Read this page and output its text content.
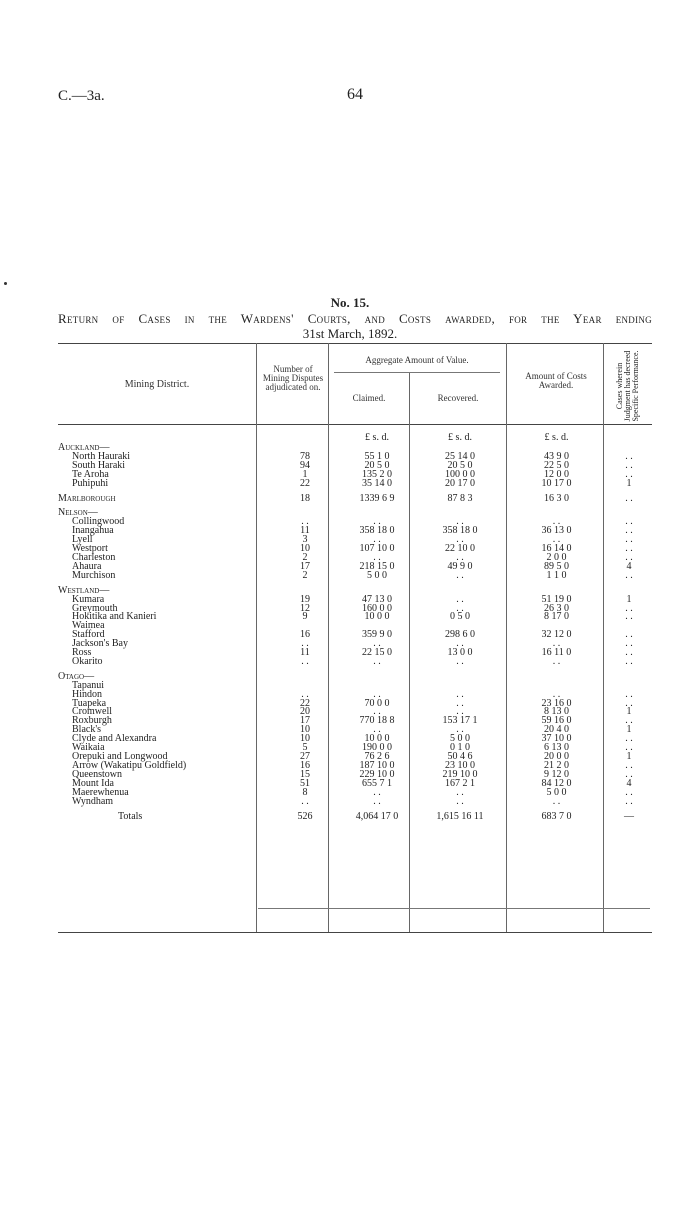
C.—3a.	64
No. 15.
Return of Cases in the Wardens' Courts, and Costs awarded, for the Year ending
31st March, 1892.
Mining District.
Number of Mining Disputes adjudicated on.
Aggregate Amount of Value.
Claimed.	Recovered.
Amount of Costs Awarded.	Cases wherein Judgment has decreed Specific Performance.
		£ s. d.	£ s. d.	£ s. d.	
Auckland—					
North Hauraki	78	55 1 0	25 14 0	43 9 0	. .
South Haraki	94	20 5 0	20 5 0	22 5 0	. .
Te Aroha	1	135 2 0	100 0 0	12 0 0	. .
Puhipuhi	22	35 14 0	20 17 0	10 17 0	1

Marlborough	18	1339 6 9	87 8 3	16 3 0	. .

Nelson—					
Collingwood	. .	. .	. .	. .	. .
Inangahua	11	358 18 0	358 18 0	36 13 0	. .
Lyell	3	. .	. .	. .	. .
Westport	10	107 10 0	22 10 0	16 14 0	. .
Charleston	2	. .	. .	2 0 0	. .
Ahaura	17	218 15 0	49 9 0	89 5 0	4
Murchison	2	5 0 0	. .	1 1 0	. .

Westland—					
Kumara	19	47 13 0	. .	51 19 0	1
Greymouth	12	160 0 0	. .	26 3 0	. .
Hokitika and Kanieri	9	10 0 0	0 5 0	8 17 0	. .
Waimea					
Stafford	16	359 9 0	298 6 0	32 12 0	. .
Jackson's Bay	. .	. .	. .	. .	. .
Ross	11	22 15 0	13 0 0	16 11 0	. .
Okarito	. .	. .	. .	. .	. .

Otago—					
Tapanui					
Hindon	. .	. .	. .	. .	. .
Tuapeka	22	70 0 0	. .	23 16 0	. .
Cromwell	20	. .	. .	8 13 0	1
Roxburgh	17	770 18 8	153 17 1	59 16 0	. .
Black's	10	. .	. .	20 4 0	1
Clyde and Alexandra	10	10 0 0	5 0 0	37 10 0	. .
Waikaia	5	190 0 0	0 1 0	6 13 0	. .
Orepuki and Longwood	27	76 2 6	50 4 6	20 0 0	1
Arrow (Wakatipu Goldfield)	16	187 10 0	23 10 0	21 2 0	. .
Queenstown	15	229 10 0	219 10 0	9 12 0	. .
Mount Ida	51	655 7 1	167 2 1	84 12 0	4
Maerewhenua	8	. .	. .	5 0 0	. .
Wyndham	. .	. .	. .	. .	. .
Totals	526	4,064 17 0	1,615 16 11	683 7 0	—
